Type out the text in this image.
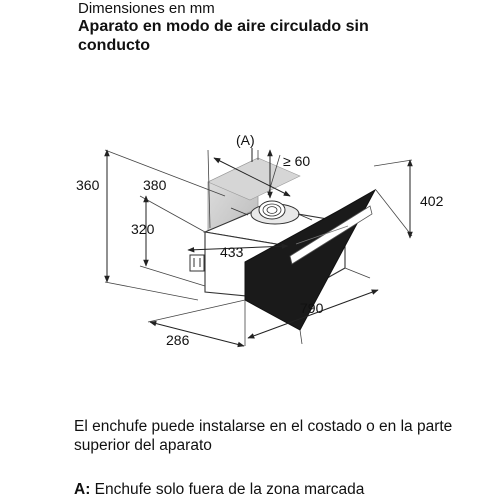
Dimensiones en mm
Aparato en modo de aire circulado sin conducto
(A)
≥ 60
360	380
320
433
402
790
286
El enchufe puede instalarse en el costado o en la parte superior del aparato
A: Enchufe solo fuera de la zona marcada
